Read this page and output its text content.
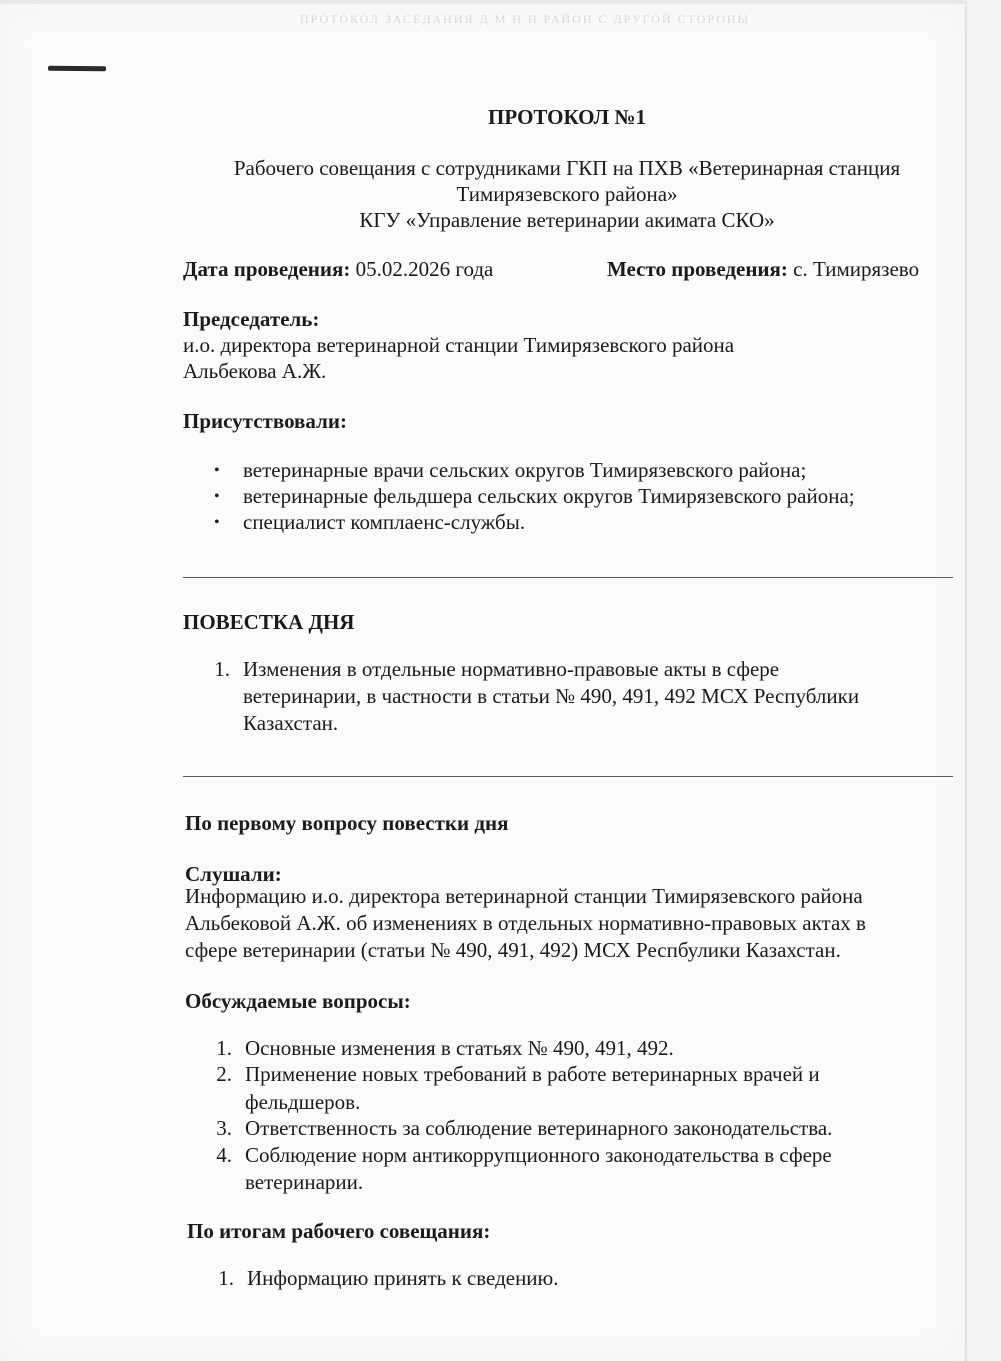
ПРОТОКОЛ ЗАСЕДАНИЯ Д М Н Н РАЙОН С ДРУГОЙ СТОРОНЫ
ПРОТОКОЛ №1
Рабочего совещания с сотрудниками ГКП на ПХВ «Ветеринарная станция
Тимирязевского района»
КГУ «Управление ветеринарии акимата СКО»
Дата проведения: 05.02.2026 года	Место проведения: с. Тимирязево
Председатель:
и.о. директора ветеринарной станции Тимирязевского района
Альбекова А.Ж.
Присутствовали:
• ветеринарные врачи сельских округов Тимирязевского района;
• ветеринарные фельдшера сельских округов Тимирязевского района;
• специалист комплаенс-службы.
ПОВЕСТКА ДНЯ
1. Изменения в отдельные нормативно-правовые акты в сфере
ветеринарии, в частности в статьи № 490, 491, 492 МСХ Республики
Казахстан.
По первому вопросу повестки дня
Слушали:
Информацию и.о. директора ветеринарной станции Тимирязевского района
Альбековой А.Ж. об изменениях в отдельных нормативно-правовых актах в
сфере ветеринарии (статьи № 490, 491, 492) МСХ Респбулики Казахстан.
Обсуждаемые вопросы:
1. Основные изменения в статьях № 490, 491, 492.
2. Применение новых требований в работе ветеринарных врачей и
фельдшеров.
3. Ответственность за соблюдение ветеринарного законодательства.
4. Соблюдение норм антикоррупционного законодательства в сфере
ветеринарии.
По итогам рабочего совещания:
1. Информацию принять к сведению.
